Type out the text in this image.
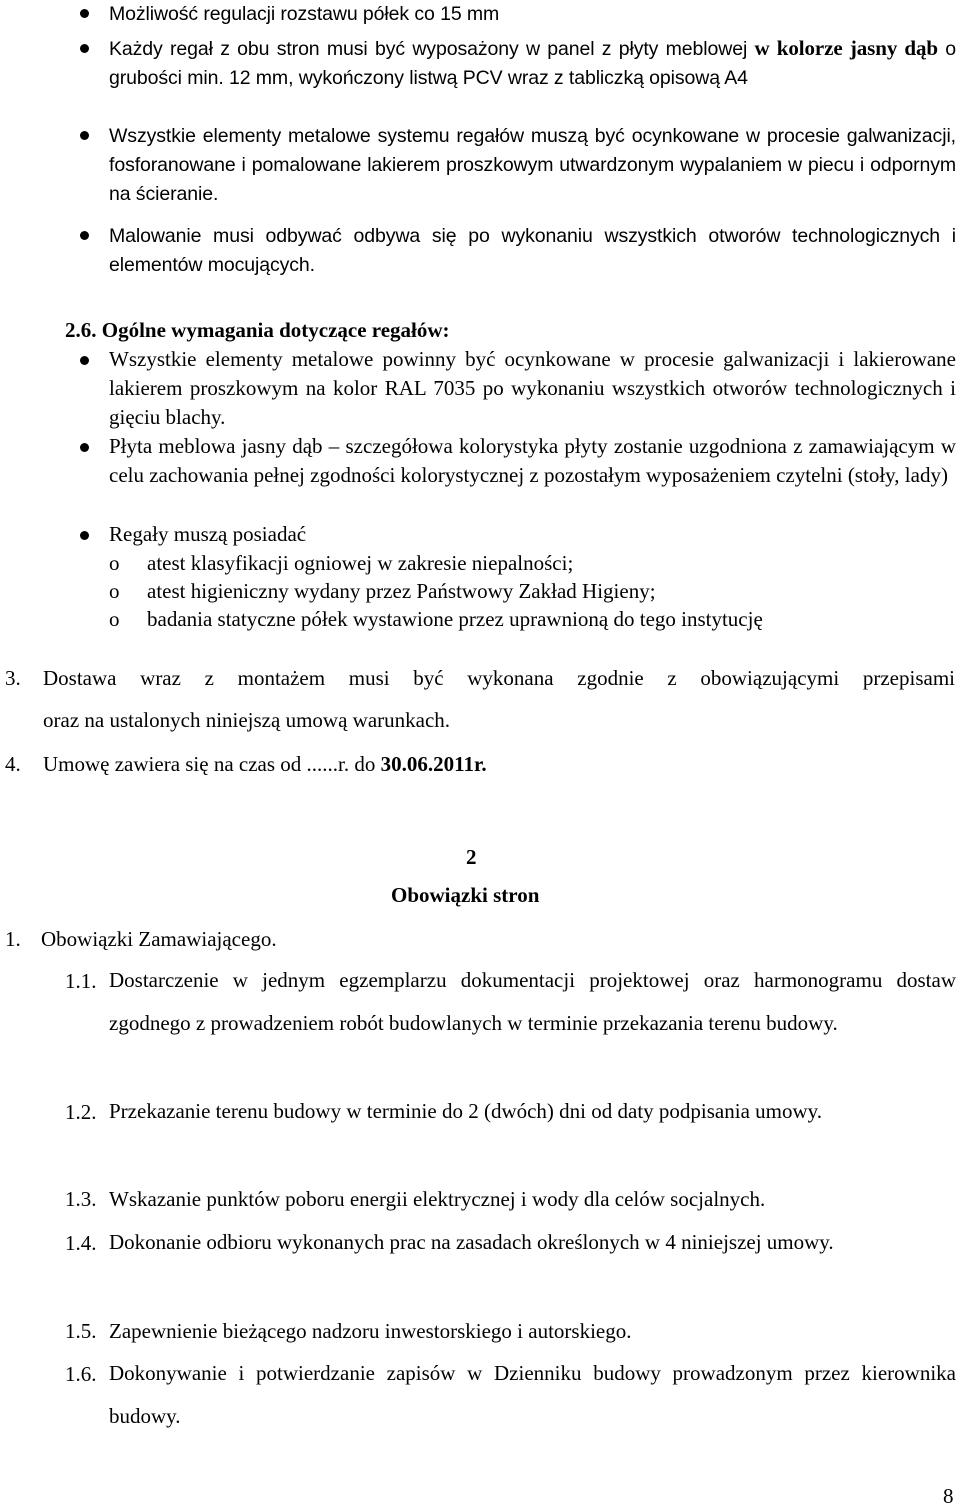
Możliwość regulacji rozstawu półek co 15 mm
Każdy regał z obu stron musi być wyposażony w panel z płyty meblowej w kolorze jasny dąb o grubości min. 12 mm, wykończony listwą PCV wraz z tabliczką opisową A4
Wszystkie elementy metalowe systemu regałów muszą być ocynkowane w procesie galwanizacji, fosforanowane i pomalowane lakierem proszkowym utwardzonym wypalaniem w piecu i odpornym na ścieranie.
Malowanie musi odbywać odbywa się po wykonaniu wszystkich otworów technologicznych i elementów mocujących.
2.6. Ogólne wymagania dotyczące regałów:
Wszystkie elementy metalowe powinny być ocynkowane w procesie galwanizacji i lakierowane lakierem proszkowym na kolor RAL 7035 po wykonaniu wszystkich otworów technologicznych i gięciu blachy.
Płyta meblowa jasny dąb – szczegółowa kolorystyka płyty zostanie uzgodniona z zamawiającym w celu zachowania pełnej zgodności kolorystycznej z pozostałym wyposażeniem czytelni (stoły, lady)
Regały muszą posiadać
o atest klasyfikacji ogniowej w zakresie niepalności;
o atest higieniczny wydany przez Państwowy Zakład Higieny;
o badania statyczne półek wystawione przez uprawnioną do tego instytucję
3. Dostawa wraz z montażem musi być wykonana zgodnie z obowiązującymi przepisami
oraz na ustalonych niniejszą umową warunkach.
4. Umowę zawiera się na czas od ......r. do 30.06.2011r.
2
Obowiązki stron
1. Obowiązki Zamawiającego.
1.1. Dostarczenie w jednym egzemplarzu dokumentacji projektowej oraz harmonogramu dostaw zgodnego z prowadzeniem robót budowlanych w terminie przekazania terenu budowy.
1.2. Przekazanie terenu budowy w terminie do 2 (dwóch) dni od daty podpisania umowy.
1.3. Wskazanie punktów poboru energii elektrycznej i wody dla celów socjalnych.
1.4. Dokonanie odbioru wykonanych prac na zasadach określonych w 4 niniejszej umowy.
1.5. Zapewnienie bieżącego nadzoru inwestorskiego i autorskiego.
1.6. Dokonywanie i potwierdzanie zapisów w Dzienniku budowy prowadzonym przez kierownika budowy.
8
